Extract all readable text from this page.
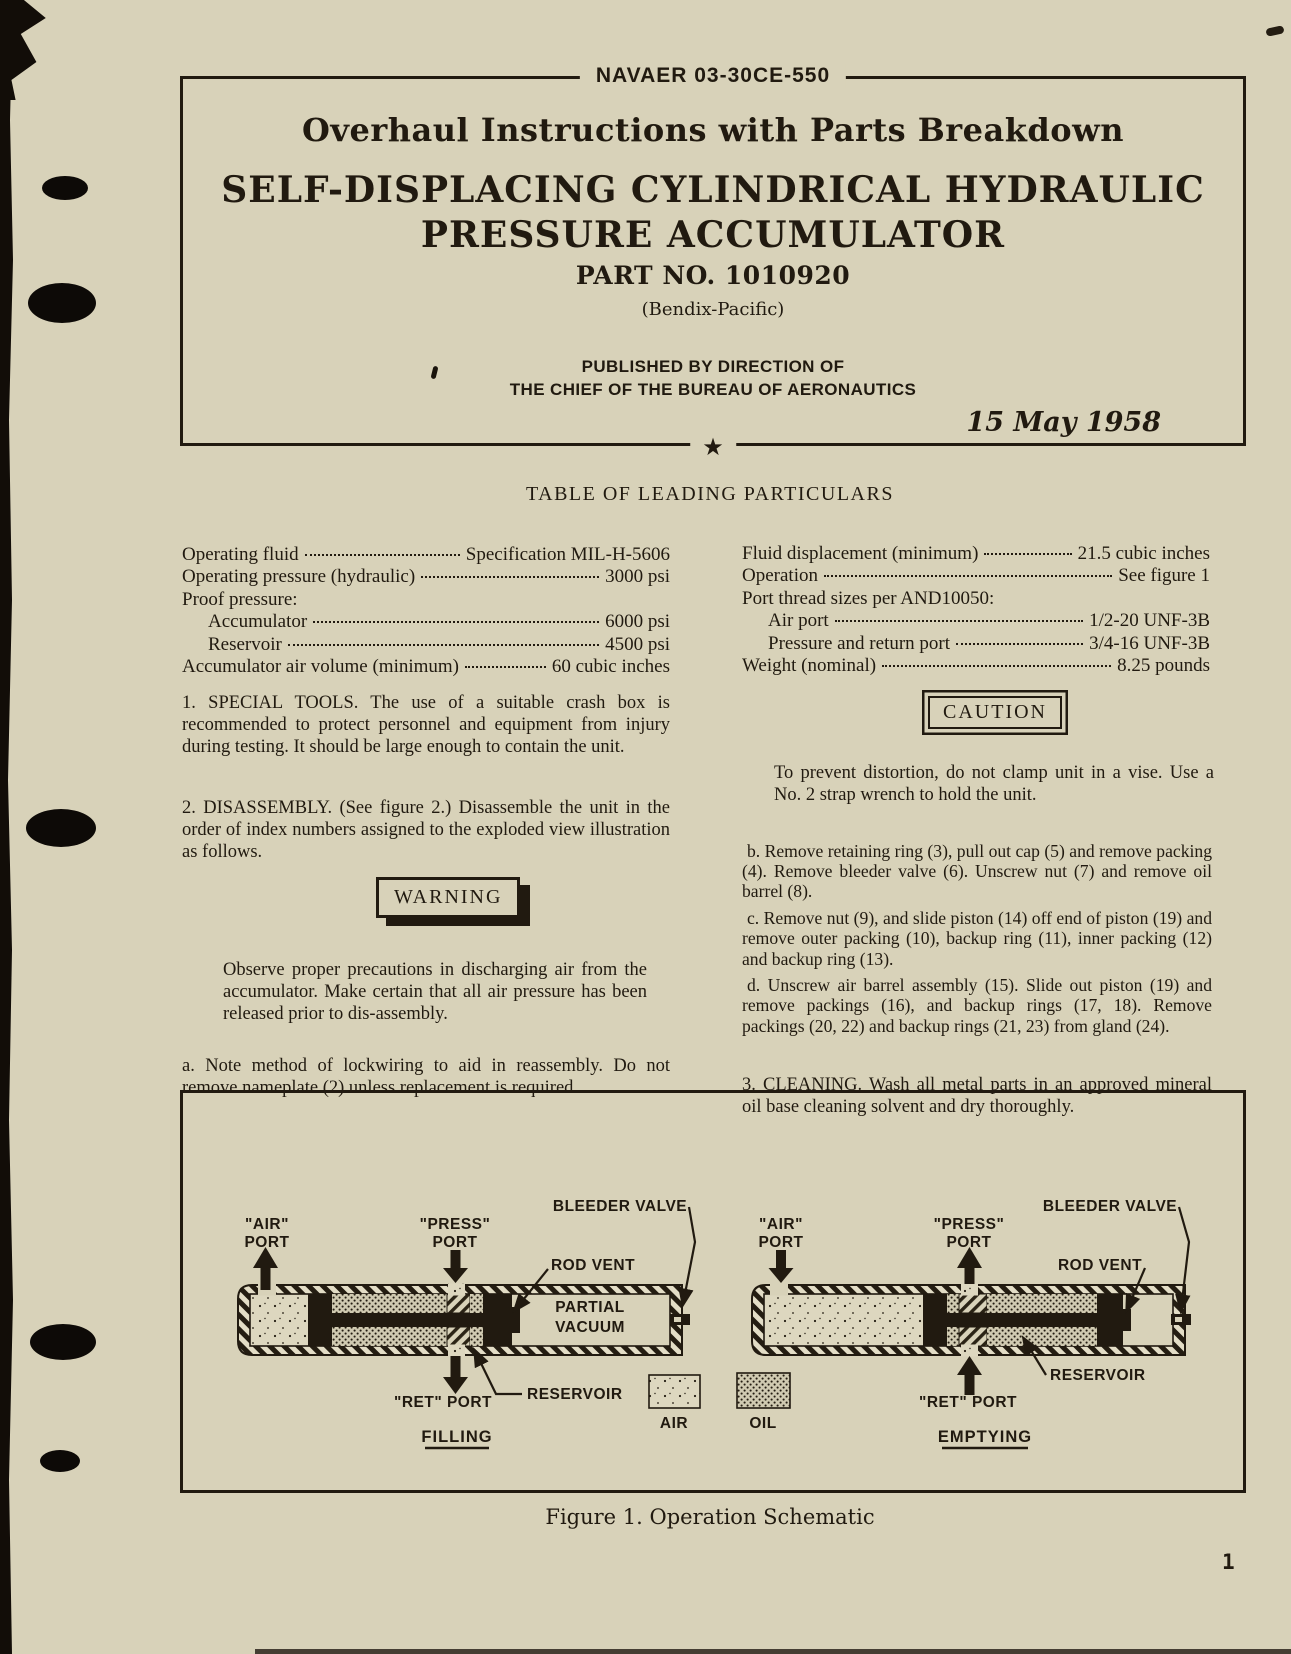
NAVAER 03-30CE-550
Overhaul Instructions with Parts Breakdown
SELF-DISPLACING CYLINDRICAL HYDRAULIC
PRESSURE ACCUMULATOR
PART NO. 1010920
(Bendix-Pacific)
PUBLISHED BY DIRECTION OF
THE CHIEF OF THE BUREAU OF AERONAUTICS
15 May 1958
★
TABLE OF LEADING PARTICULARS
Operating fluid	Specification MIL-H-5606
Operating pressure (hydraulic)	3000 psi
Proof pressure:
Accumulator	6000 psi
Reservoir	4500 psi
Accumulator air volume (minimum)	60 cubic inches
Fluid displacement (minimum)	21.5 cubic inches
Operation	See figure 1
Port thread sizes per AND10050:
Air port	1/2-20 UNF-3B
Pressure and return port	3/4-16 UNF-3B
Weight (nominal)	8.25 pounds
1. SPECIAL TOOLS. The use of a suitable crash box is recommended to protect personnel and equipment from injury during testing. It should be large enough to contain the unit.
2. DISASSEMBLY. (See figure 2.) Disassemble the unit in the order of index numbers assigned to the exploded view illustration as follows.
WARNING
Observe proper precautions in discharging air from the accumulator. Make certain that all air pressure has been released prior to dis-assembly.
a. Note method of lockwiring to aid in reassembly. Do not remove nameplate (2) unless replacement is required.
CAUTION
To prevent distortion, do not clamp unit in a vise. Use a No. 2 strap wrench to hold the unit.

b. Remove retaining ring (3), pull out cap (5) and remove packing (4). Remove bleeder valve (6). Unscrew nut (7) and remove oil barrel (8).

c. Remove nut (9), and slide piston (14) off end of piston (19) and remove outer packing (10), backup ring (11), inner packing (12) and backup ring (13).

d. Unscrew air barrel assembly (15). Slide out piston (19) and remove packings (16), and backup rings (17, 18). Remove packings (20, 22) and backup rings (21, 23) from gland (24).

3. CLEANING. Wash all metal parts in an approved mineral oil base cleaning solvent and dry thoroughly.
"AIR"
PORT
"PRESS"
PORT
BLEEDER VALVE
ROD VENT
PARTIAL
VACUUM
RESERVOIR
"RET" PORT
FILLING
"AIR"
PORT
"PRESS"
PORT
BLEEDER VALVE
ROD VENT
RESERVOIR
"RET" PORT
EMPTYING
AIR	OIL
Figure 1. Operation Schematic
1
